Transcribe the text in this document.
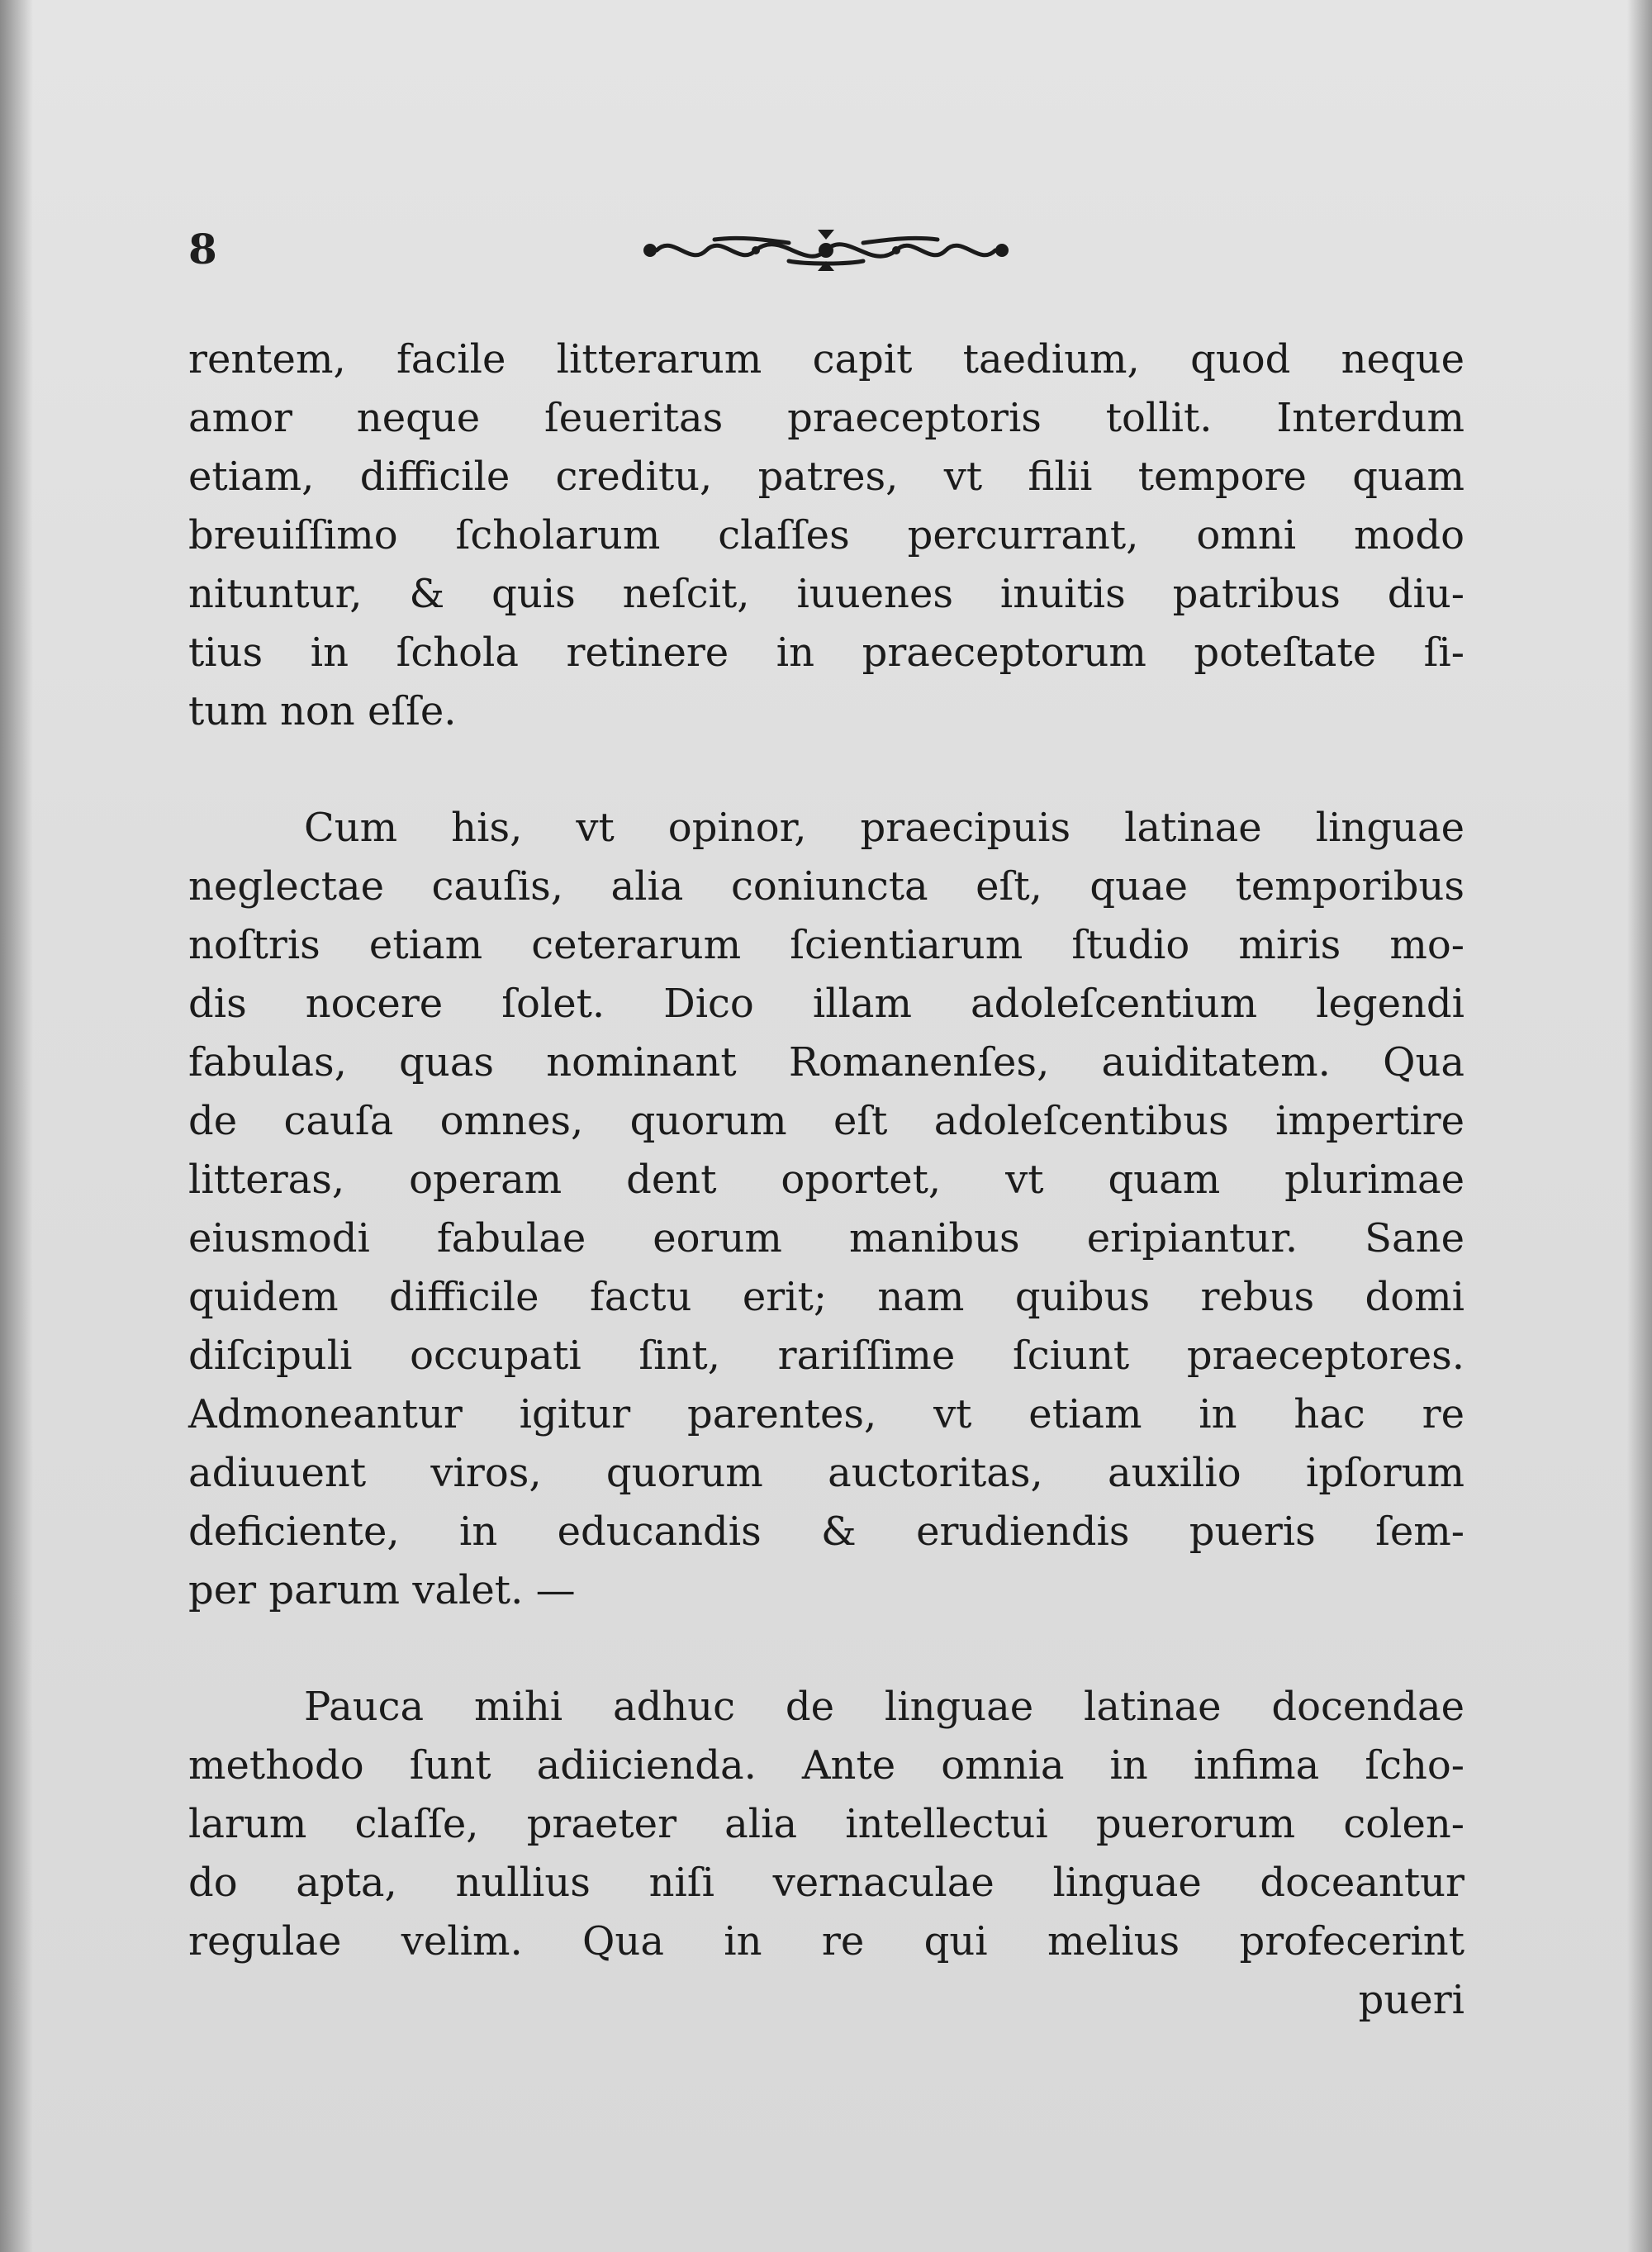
8
rentem, facile litterarum capit taedium, quod neque
amor neque ſeueritas praeceptoris tollit. Interdum
etiam, difficile creditu, patres, vt filii tempore quam
breuiſſimo ſcholarum claſſes percurrant, omni modo
nituntur, & quis neſcit, iuuenes inuitis patribus diu-
tius in ſchola retinere in praeceptorum poteſtate ſi-
tum non eſſe.
Cum his, vt opinor, praecipuis latinae linguae
neglectae cauſis, alia coniuncta eſt, quae temporibus
noſtris etiam ceterarum ſcientiarum ſtudio miris mo-
dis nocere ſolet. Dico illam adoleſcentium legendi
fabulas, quas nominant Romanenſes, auiditatem. Qua
de cauſa omnes, quorum eſt adoleſcentibus impertire
litteras, operam dent oportet, vt quam plurimae
eiusmodi fabulae eorum manibus eripiantur. Sane
quidem difficile factu erit; nam quibus rebus domi
diſcipuli occupati ſint, rariſſime ſciunt praeceptores.
Admoneantur igitur parentes, vt etiam in hac re
adiuuent viros, quorum auctoritas, auxilio ipſorum
deficiente, in educandis & erudiendis pueris ſem-
per parum valet. —
Pauca mihi adhuc de linguae latinae docendae
methodo ſunt adiicienda. Ante omnia in infima ſcho-
larum claſſe, praeter alia intellectui puerorum colen-
do apta, nullius niſi vernaculae linguae doceantur
regulae velim. Qua in re qui melius profecerint
pueri
